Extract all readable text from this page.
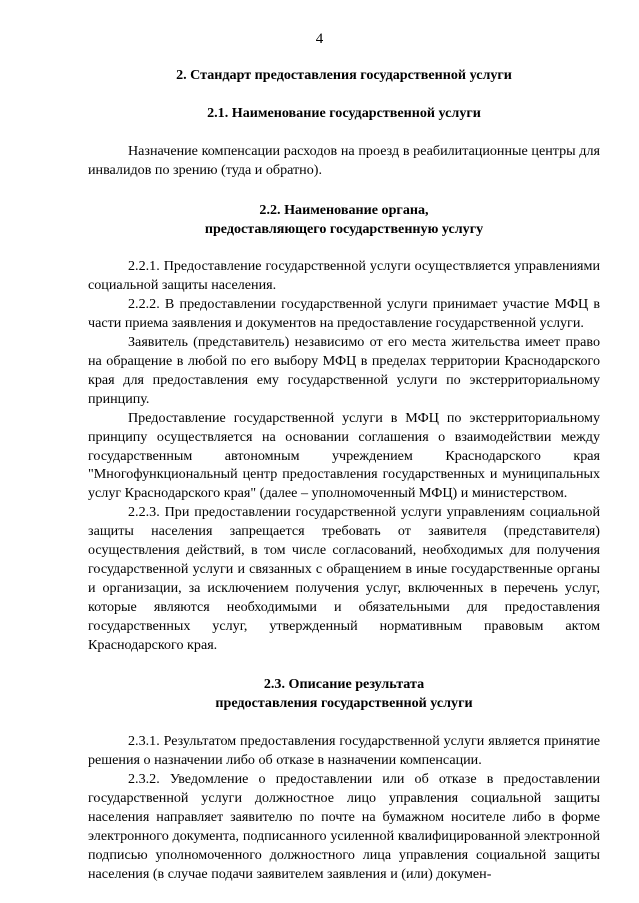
4
2. Стандарт предоставления государственной услуги
2.1. Наименование государственной услуги

Назначение компенсации расходов на проезд в реабилитационные центры для инвалидов по зрению (туда и обратно).

2.2. Наименование органа,
предоставляющего государственную услугу

2.2.1. Предоставление государственной услуги осуществляется управлениями социальной защиты населения.

2.2.2. В предоставлении государственной услуги принимает участие МФЦ в части приема заявления и документов на предоставление государственной услуги.

Заявитель (представитель) независимо от его места жительства имеет право на обращение в любой по его выбору МФЦ в пределах территории Краснодарского края для предоставления ему государственной услуги по экстерриториальному принципу.

Предоставление государственной услуги в МФЦ по экстерриториальному принципу осуществляется на основании соглашения о взаимодействии между государственным автономным учреждением Краснодарского края "Многофункциональный центр предоставления государственных и муниципальных услуг Краснодарского края" (далее – уполномоченный МФЦ) и министерством.

2.2.3. При предоставлении государственной услуги управлениям социальной защиты населения запрещается требовать от заявителя (представителя) осуществления действий, в том числе согласований, необходимых для получения государственной услуги и связанных с обращением в иные государственные органы и организации, за исключением получения услуг, включенных в перечень услуг, которые являются необходимыми и обязательными для предоставления государственных услуг, утвержденный нормативным правовым актом Краснодарского края.

2.3. Описание результата
предоставления государственной услуги

2.3.1. Результатом предоставления государственной услуги является принятие решения о назначении либо об отказе в назначении компенсации.

2.3.2. Уведомление о предоставлении или об отказе в предоставлении государственной услуги должностное лицо управления социальной защиты населения направляет заявителю по почте на бумажном носителе либо в форме электронного документа, подписанного усиленной квалифицированной электронной подписью уполномоченного должностного лица управления социальной защиты населения (в случае подачи заявителем заявления и (или) докумен-
